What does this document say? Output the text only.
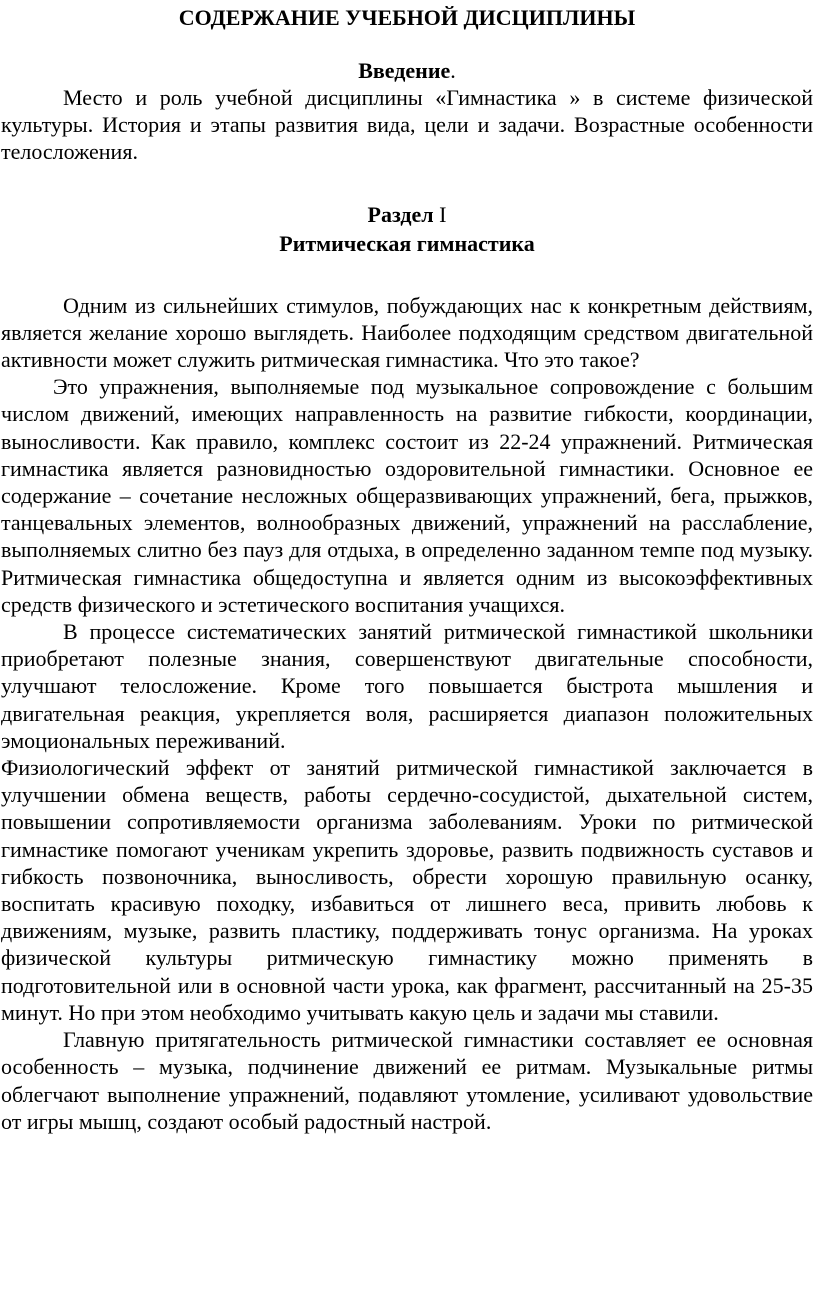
СОДЕРЖАНИЕ УЧЕБНОЙ ДИСЦИПЛИНЫ
Введение.

Место и роль учебной дисциплины «Гимнастика » в системе физической культуры. История и этапы развития вида, цели и задачи. Возрастные особенности телосложения.

Раздел I
Ритмическая гимнастика

Одним из сильнейших стимулов, побуждающих нас к конкретным действиям, является желание хорошо выглядеть. Наиболее подходящим средством двигательной активности может служить ритмическая гимнастика. Что это такое?

Это упражнения, выполняемые под музыкальное сопровождение с большим числом движений, имеющих направленность на развитие гибкости, координации, выносливости. Как правило, комплекс состоит из 22-24 упражнений. Ритмическая гимнастика является разновидностью оздоровительной гимнастики. Основное ее содержание – сочетание несложных общеразвивающих упражнений, бега, прыжков, танцевальных элементов, волнообразных движений, упражнений на расслабление, выполняемых слитно без пауз для отдыха, в определенно заданном темпе под музыку. Ритмическая гимнастика общедоступна и является одним из высокоэффективных средств физического и эстетического воспитания учащихся.

В процессе систематических занятий ритмической гимнастикой школьники приобретают полезные знания, совершенствуют двигательные способности, улучшают телосложение. Кроме того повышается быстрота мышления и двигательная реакция, укрепляется воля, расширяется диапазон положительных эмоциональных переживаний.

Физиологический эффект от занятий ритмической гимнастикой заключается в улучшении обмена веществ, работы сердечно-сосудистой, дыхательной систем, повышении сопротивляемости организма заболеваниям. Уроки по ритмической гимнастике помогают ученикам укрепить здоровье, развить подвижность суставов и гибкость позвоночника, выносливость, обрести хорошую правильную осанку, воспитать красивую походку, избавиться от лишнего веса, привить любовь к движениям, музыке, развить пластику, поддерживать тонус организма. На уроках физической культуры ритмическую гимнастику можно применять в подготовительной или в основной части урока, как фрагмент, рассчитанный на 25-35 минут. Но при этом необходимо учитывать какую цель и задачи мы ставили.

Главную притягательность ритмической гимнастики составляет ее основная особенность – музыка, подчинение движений ее ритмам. Музыкальные ритмы облегчают выполнение упражнений, подавляют утомление, усиливают удовольствие от игры мышц, создают особый радостный настрой.
